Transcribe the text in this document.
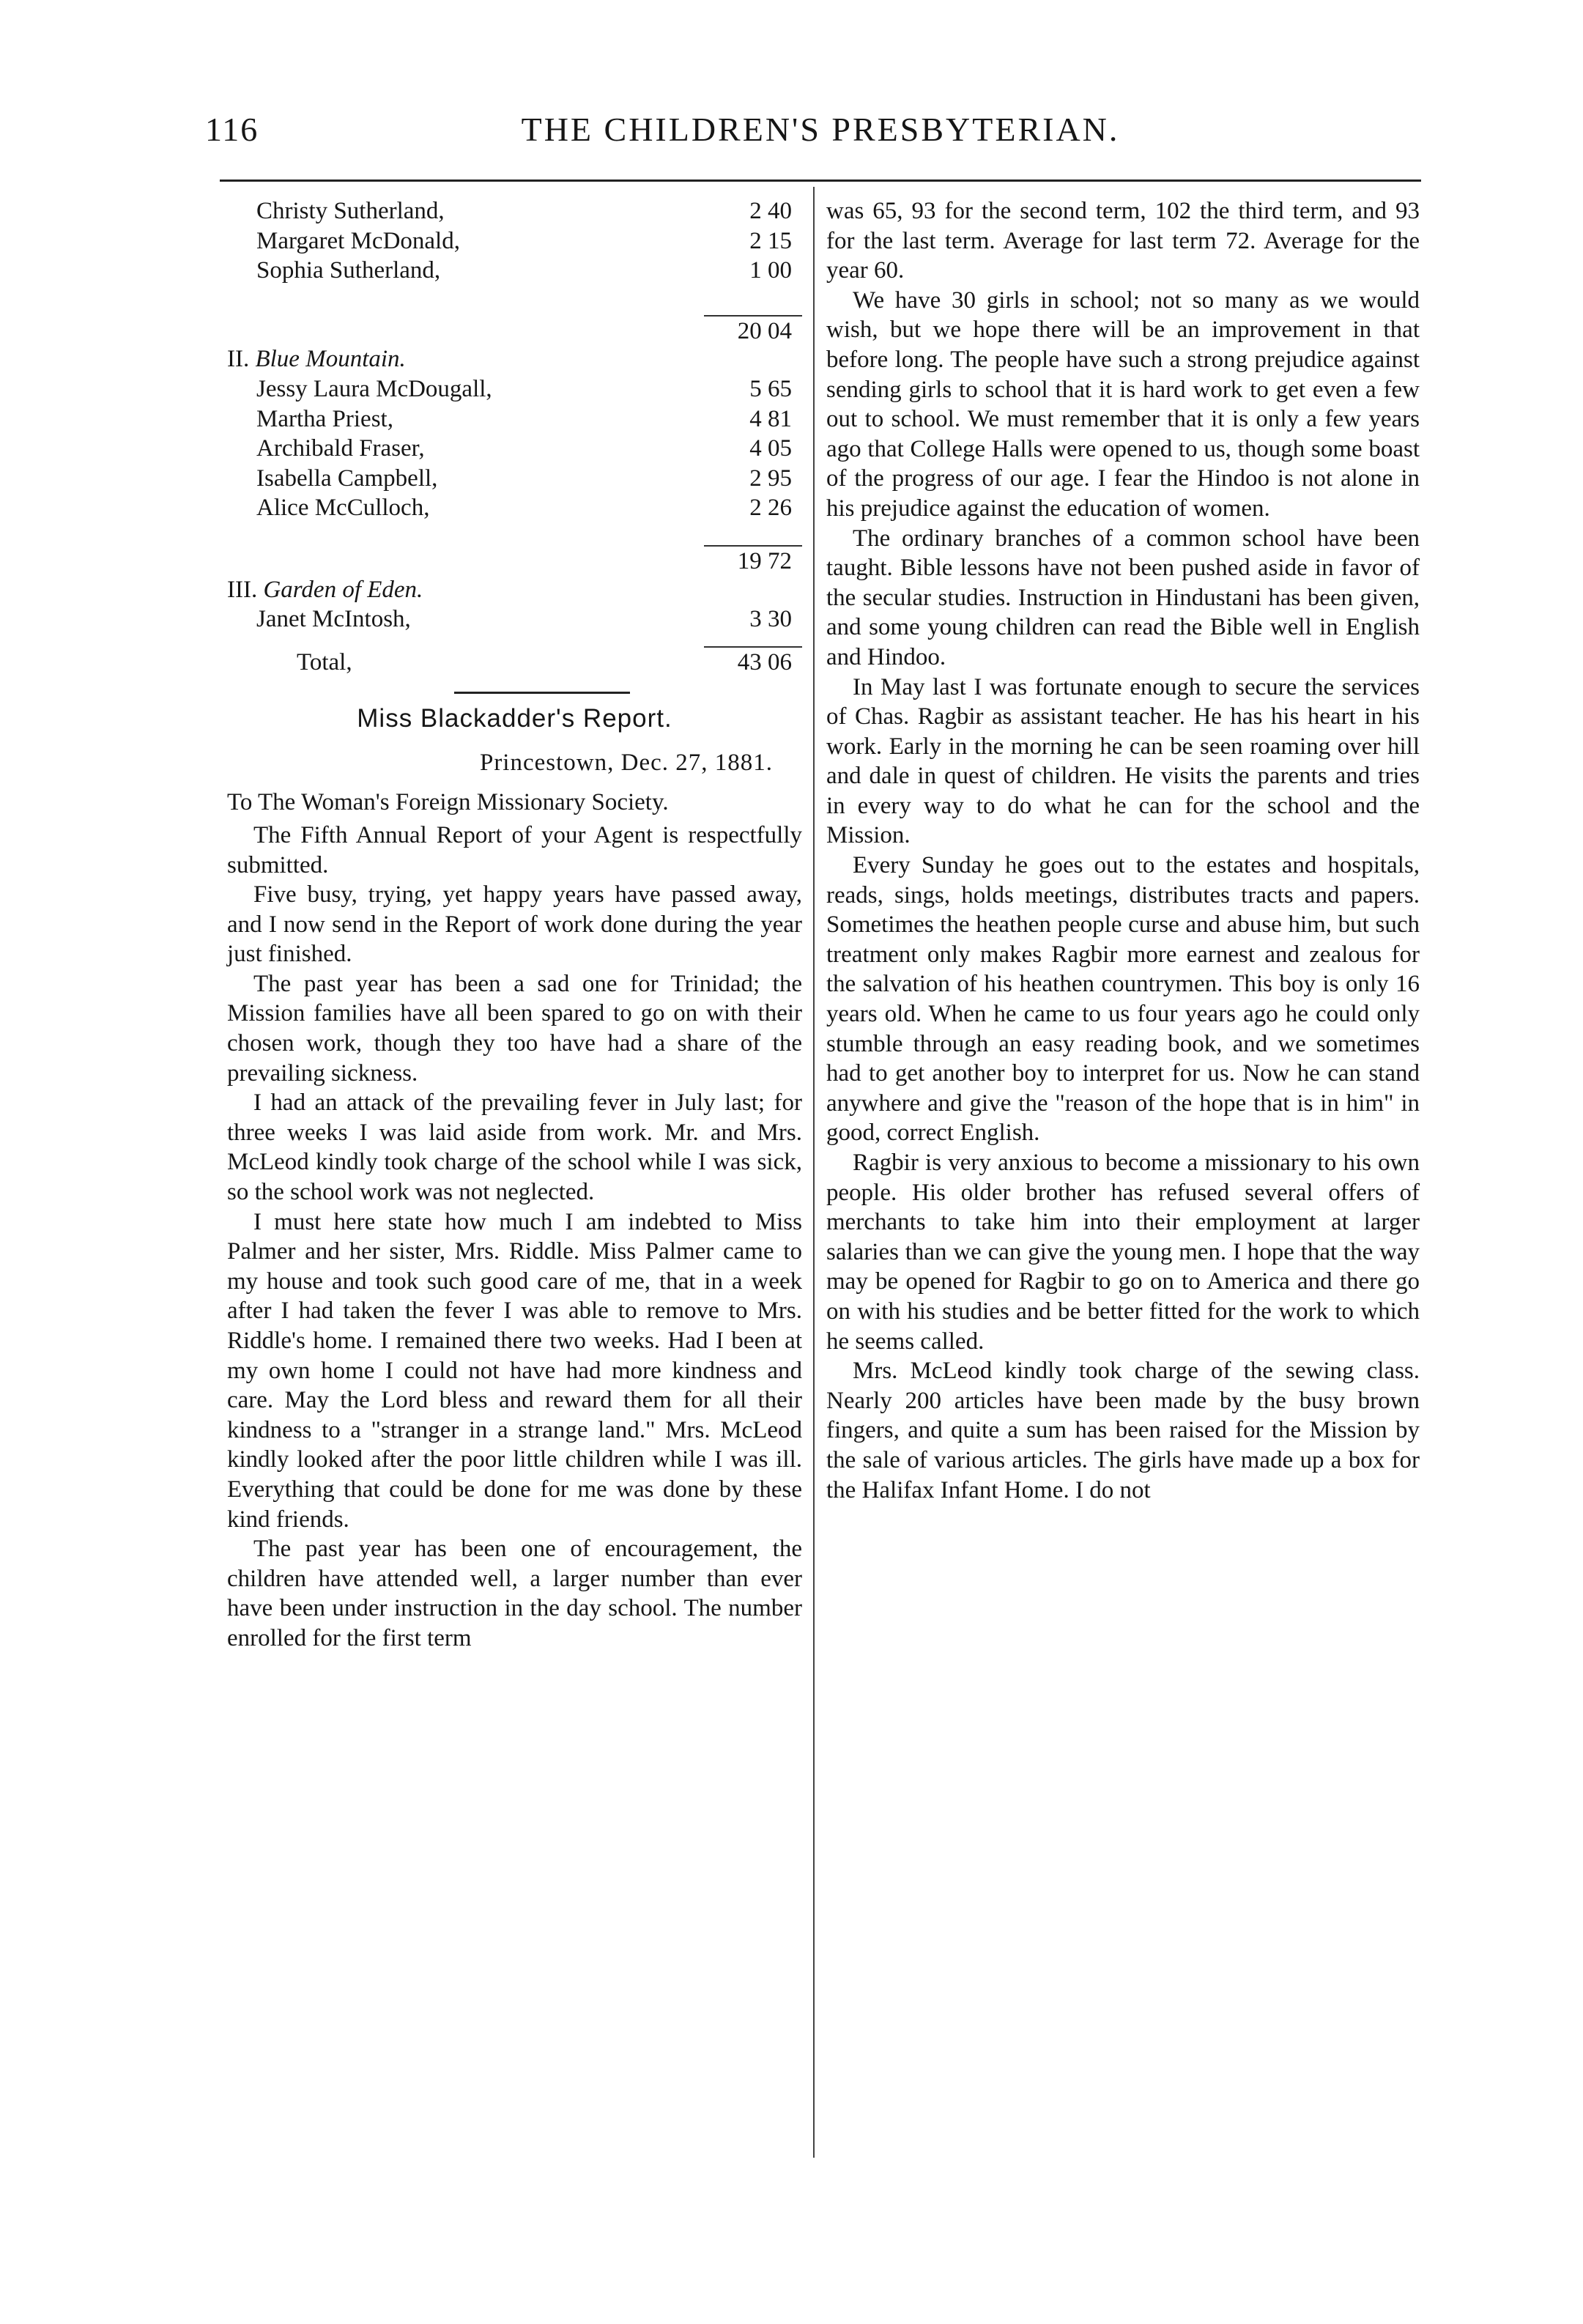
116	THE CHILDREN'S PRESBYTERIAN.
Christy Sutherland,	2 40
Margaret McDonald,	2 15
Sophia Sutherland,	1 00
20 04
II. Blue Mountain.
Jessy Laura McDougall,	5 65
Martha Priest,	4 81
Archibald Fraser,	4 05
Isabella Campbell,	2 95
Alice McCulloch,	2 26
19 72
III. Garden of Eden.
Janet McIntosh,	3 30
Total,	43 06
Miss Blackadder's Report.
Princestown, Dec. 27, 1881.

To The Woman's Foreign Missionary Society.

The Fifth Annual Report of your Agent is respectfully submitted.

Five busy, trying, yet happy years have passed away, and I now send in the Report of work done during the year just finished.

The past year has been a sad one for Trinidad; the Mission families have all been spared to go on with their chosen work, though they too have had a share of the prevailing sickness.

I had an attack of the prevailing fever in July last; for three weeks I was laid aside from work. Mr. and Mrs. McLeod kindly took charge of the school while I was sick, so the school work was not neglected.

I must here state how much I am indebted to Miss Palmer and her sister, Mrs. Riddle. Miss Palmer came to my house and took such good care of me, that in a week after I had taken the fever I was able to remove to Mrs. Riddle's home. I remained there two weeks. Had I been at my own home I could not have had more kindness and care. May the Lord bless and reward them for all their kindness to a "stranger in a strange land." Mrs. McLeod kindly looked after the poor little children while I was ill. Everything that could be done for me was done by these kind friends.

The past year has been one of encouragement, the children have attended well, a larger number than ever have been under instruction in the day school. The number enrolled for the first term

was 65, 93 for the second term, 102 the third term, and 93 for the last term. Average for last term 72. Average for the year 60.

We have 30 girls in school; not so many as we would wish, but we hope there will be an improvement in that before long. The people have such a strong prejudice against sending girls to school that it is hard work to get even a few out to school. We must remember that it is only a few years ago that College Halls were opened to us, though some boast of the progress of our age. I fear the Hindoo is not alone in his prejudice against the education of women.

The ordinary branches of a common school have been taught. Bible lessons have not been pushed aside in favor of the secular studies. Instruction in Hindustani has been given, and some young children can read the Bible well in English and Hindoo.

In May last I was fortunate enough to secure the services of Chas. Ragbir as assistant teacher. He has his heart in his work. Early in the morning he can be seen roaming over hill and dale in quest of children. He visits the parents and tries in every way to do what he can for the school and the Mission.

Every Sunday he goes out to the estates and hospitals, reads, sings, holds meetings, distributes tracts and papers. Sometimes the heathen people curse and abuse him, but such treatment only makes Ragbir more earnest and zealous for the salvation of his heathen countrymen. This boy is only 16 years old. When he came to us four years ago he could only stumble through an easy reading book, and we sometimes had to get another boy to interpret for us. Now he can stand anywhere and give the "reason of the hope that is in him" in good, correct English.

Ragbir is very anxious to become a missionary to his own people. His older brother has refused several offers of merchants to take him into their employment at larger salaries than we can give the young men. I hope that the way may be opened for Ragbir to go on to America and there go on with his studies and be better fitted for the work to which he seems called.

Mrs. McLeod kindly took charge of the sewing class. Nearly 200 articles have been made by the busy brown fingers, and quite a sum has been raised for the Mission by the sale of various articles. The girls have made up a box for the Halifax Infant Home. I do not
